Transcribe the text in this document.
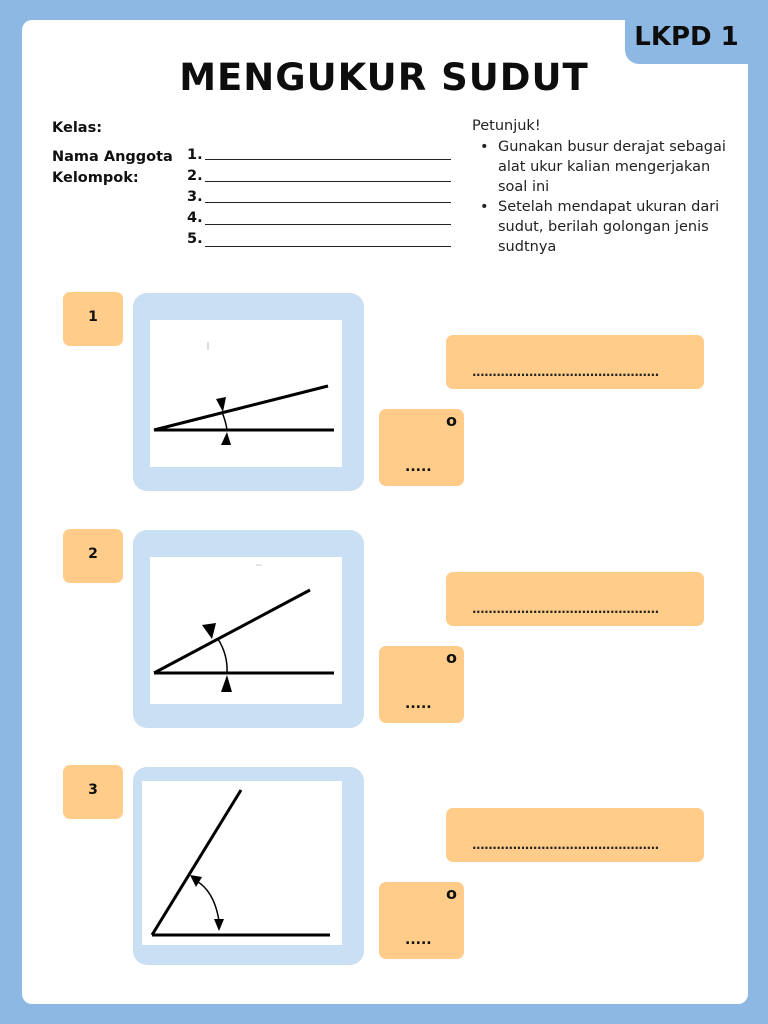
LKPD 1
MENGUKUR SUDUT
Kelas:
Nama Anggota
Kelompok:
1.
2.
3.
4.
5.
Petunjuk!
• Gunakan busur derajat sebagai alat ukur kalian mengerjakan soal ini
• Setelah mendapat ukuran dari sudut, berilah golongan jenis sudtnya
1
..............................................
o
.....
2
..............................................
o
.....
3
..............................................
o
.....
